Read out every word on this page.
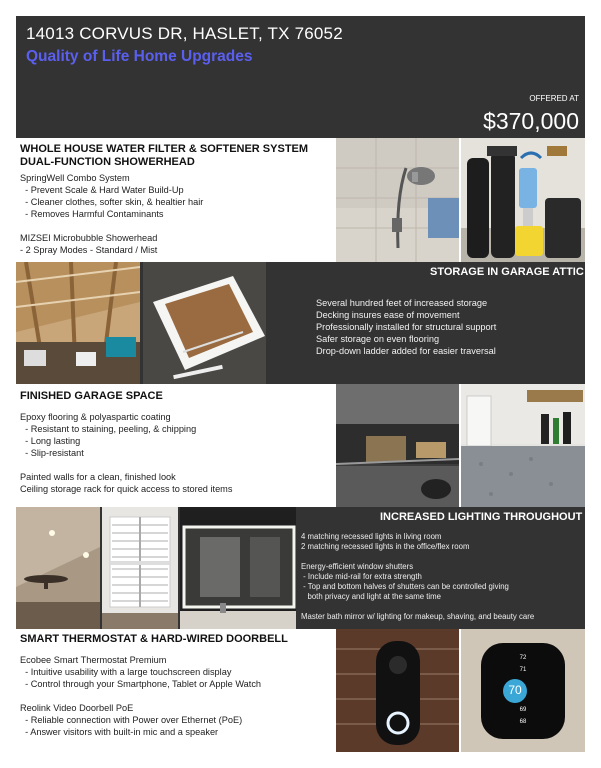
14013 CORVUS DR, HASLET, TX 76052
Quality of Life Home Upgrades
OFFERED AT
$370,000
WHOLE HOUSE WATER FILTER & SOFTENER SYSTEM
DUAL-FUNCTION SHOWERHEAD
SpringWell Combo System
- Prevent Scale & Hard Water Build-Up
- Cleaner clothes, softer skin, & healtier hair
- Removes Harmful Contaminants

MIZSEI Microbubble Showerhead
- 2 Spray Modes - Standard / Mist
STORAGE IN GARAGE ATTIC
Several hundred feet of increased storage
Decking insures ease of movement
Professionally installed for structural support
Safer storage on even flooring
Drop-down ladder added for easier traversal
FINISHED GARAGE SPACE
Epoxy flooring & polyaspartic coating
- Resistant to staining, peeling, & chipping
- Long lasting
- Slip-resistant

Painted walls for a clean, finished look
Ceiling storage rack for quick access to stored items
INCREASED LIGHTING THROUGHOUT
4 matching recessed lights in living room
2 matching recessed lights in the office/flex room

Energy-efficient window shutters
- Include mid-rail for extra strength
- Top and bottom halves of shutters can be controlled giving
both privacy and light at the same time

Master bath mirror w/ lighting for makeup, shaving, and beauty care
SMART THERMOSTAT & HARD-WIRED DOORBELL
Ecobee Smart Thermostat Premium
- Intuitive usability with a large touchscreen display
- Control through your Smartphone, Tablet or Apple Watch

Reolink Video Doorbell PoE
- Reliable connection with Power over Ethernet (PoE)
- Answer visitors with built-in mic and a speaker
72
71
70
69
68
